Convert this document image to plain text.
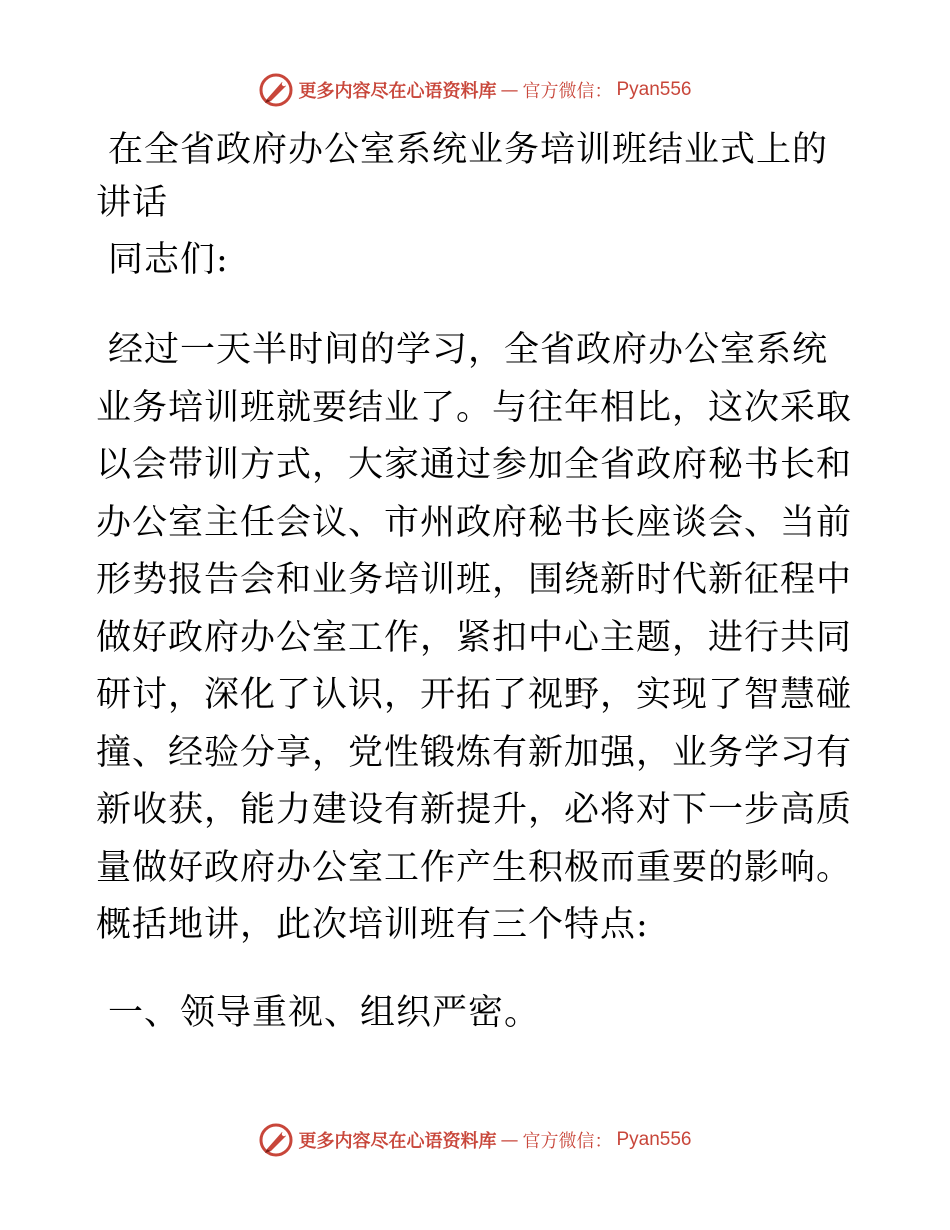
更多内容尽在心语资料库 — 官方微信： Pyan556
在全省政府办公室系统业务培训班结业式上的讲话

同志们:

经过一天半时间的学习，全省政府办公室系统业务培训班就要结业了。与往年相比，这次采取以会带训方式，大家通过参加全省政府秘书长和办公室主任会议、市州政府秘书长座谈会、当前形势报告会和业务培训班，围绕新时代新征程中做好政府办公室工作，紧扣中心主题，进行共同研讨，深化了认识，开拓了视野，实现了智慧碰撞、经验分享，党性锻炼有新加强，业务学习有新收获，能力建设有新提升，必将对下一步高质量做好政府办公室工作产生积极而重要的影响。概括地讲，此次培训班有三个特点:

一、领导重视、组织严密。

更多内容尽在心语资料库 — 官方微信： Pyan556
